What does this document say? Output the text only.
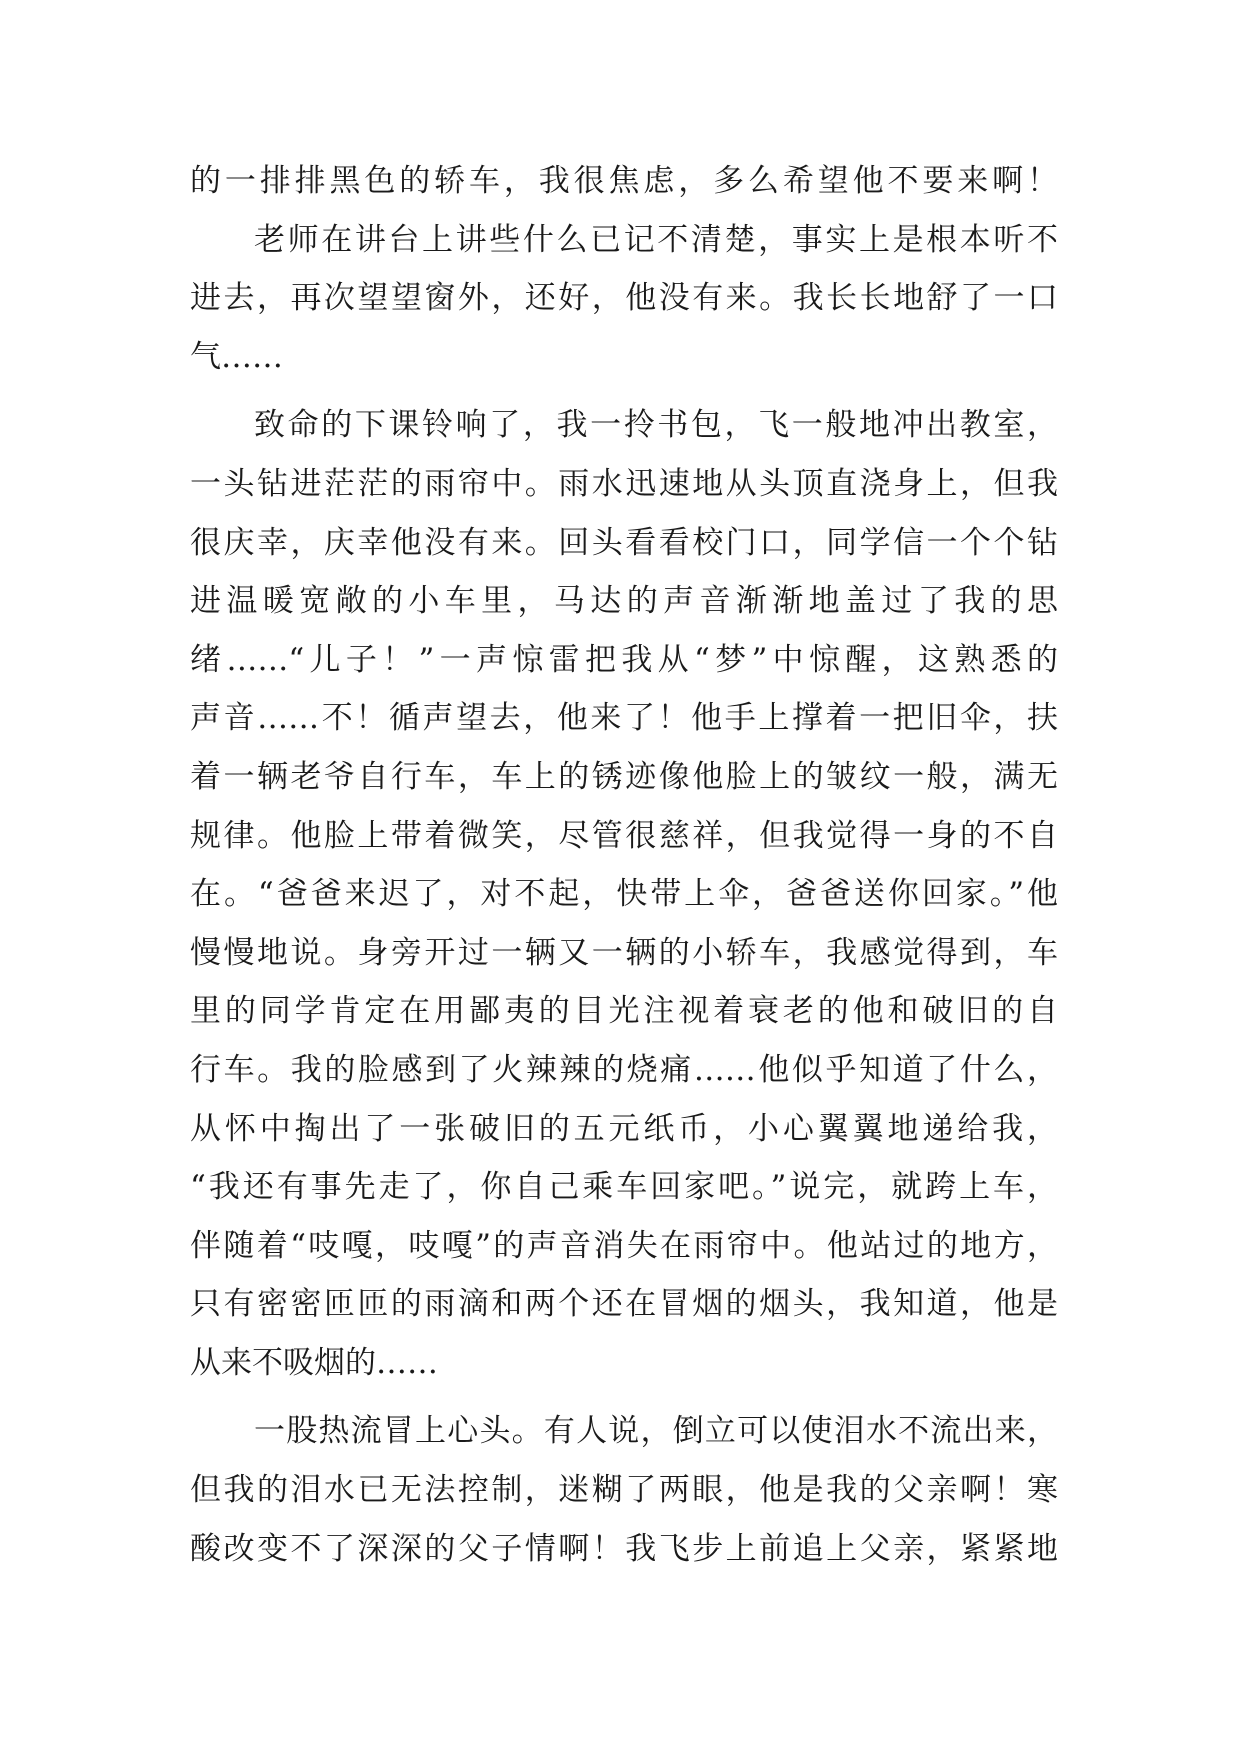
的一排排黑色的轿车，我很焦虑，多么希望他不要来啊！
老师在讲台上讲些什么已记不清楚，事实上是根本听不
进去，再次望望窗外，还好，他没有来。我长长地舒了一口
气……
致命的下课铃响了，我一拎书包，飞一般地冲出教室，
一头钻进茫茫的雨帘中。雨水迅速地从头顶直浇身上，但我
很庆幸，庆幸他没有来。回头看看校门口，同学信一个个钻
进温暖宽敞的小车里，马达的声音渐渐地盖过了我的思
绪……“儿子！”一声惊雷把我从“梦”中惊醒，这熟悉的
声音……不！循声望去，他来了！他手上撑着一把旧伞，扶
着一辆老爷自行车，车上的锈迹像他脸上的皱纹一般，满无
规律。他脸上带着微笑，尽管很慈祥，但我觉得一身的不自
在。“爸爸来迟了，对不起，快带上伞，爸爸送你回家。”他
慢慢地说。身旁开过一辆又一辆的小轿车，我感觉得到，车
里的同学肯定在用鄙夷的目光注视着衰老的他和破旧的自
行车。我的脸感到了火辣辣的烧痛……他似乎知道了什么，
从怀中掏出了一张破旧的五元纸币，小心翼翼地递给我，
“我还有事先走了，你自己乘车回家吧。”说完，就跨上车，
伴随着“吱嘎，吱嘎”的声音消失在雨帘中。他站过的地方，
只有密密匝匝的雨滴和两个还在冒烟的烟头，我知道，他是
从来不吸烟的……
一股热流冒上心头。有人说，倒立可以使泪水不流出来，
但我的泪水已无法控制，迷糊了两眼，他是我的父亲啊！寒
酸改变不了深深的父子情啊！我飞步上前追上父亲，紧紧地
